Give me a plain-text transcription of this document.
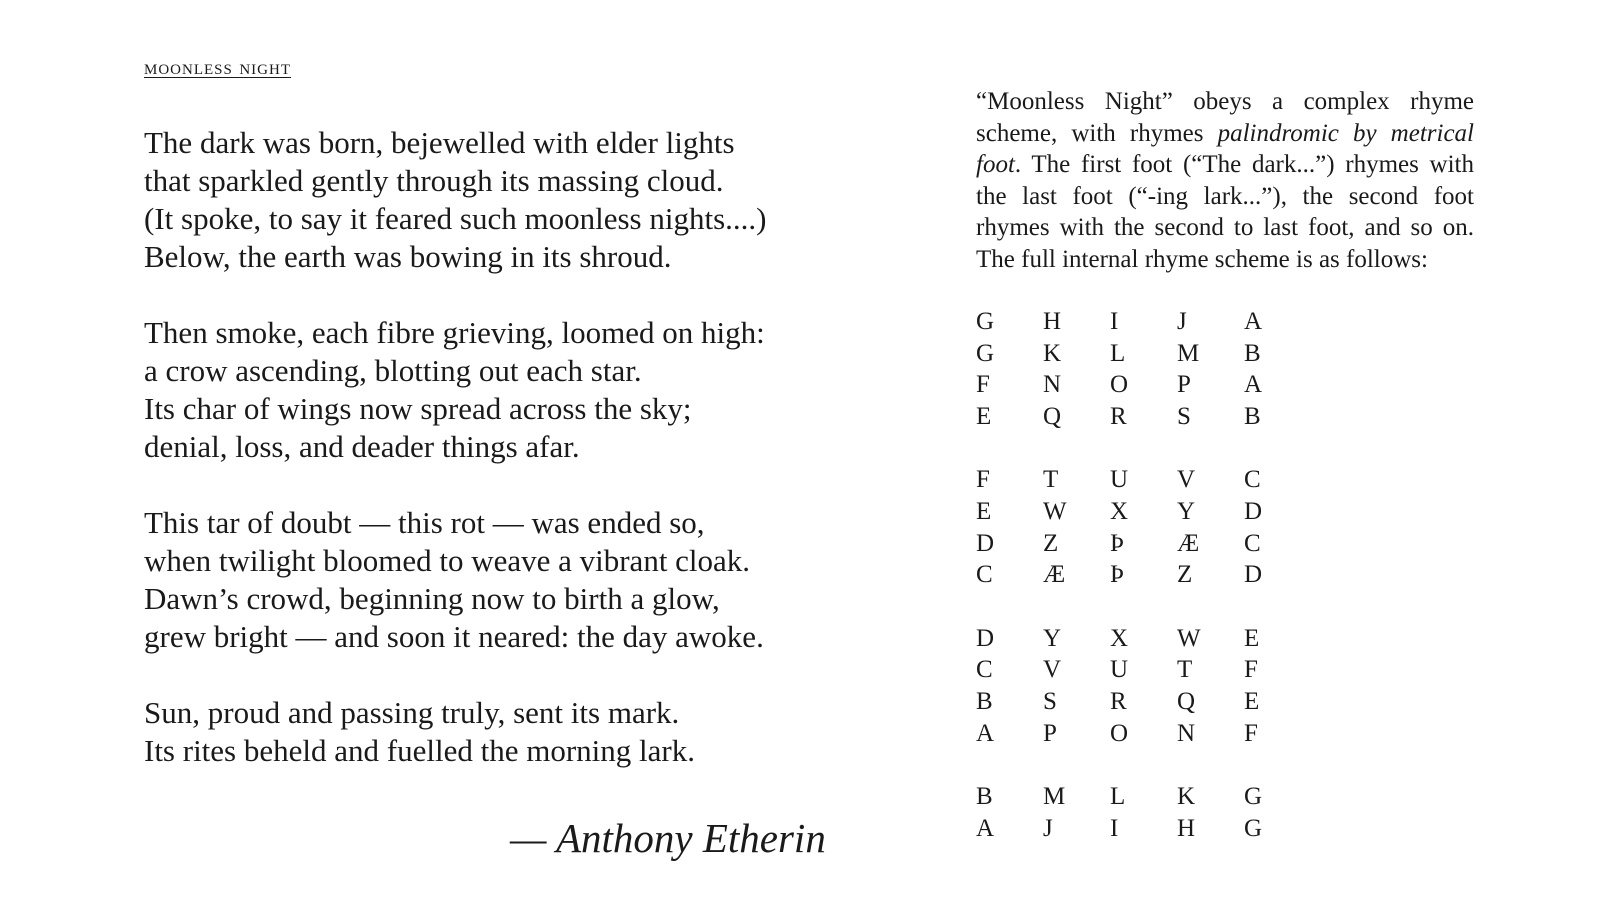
moonless night
The dark was born, bejewelled with elder lights
that sparkled gently through its massing cloud.
(It spoke, to say it feared such moonless nights....)
Below, the earth was bowing in its shroud.
Then smoke, each fibre grieving, loomed on high:
a crow ascending, blotting out each star.
Its char of wings now spread across the sky;
denial, loss, and deader things afar.
This tar of doubt — this rot — was ended so,
when twilight bloomed to weave a vibrant cloak.
Dawn’s crowd, beginning now to birth a glow,
grew bright — and soon it neared: the day awoke.
Sun, proud and passing truly, sent its mark.
Its rites beheld and fuelled the morning lark.
— Anthony Etherin

“Moonless Night” obeys a complex rhyme scheme, with rhymes palindromic by metrical foot. The first foot (“The dark...”) rhymes with the last foot (“-ing lark...”), the second foot rhymes with the second to last foot, and so on. The full internal rhyme scheme is as follows:

G	H	I	J	A
G	K	L	M	B
F	N	O	P	A
E	Q	R	S	B
F	T	U	V	C
E	W	X	Y	D
D	Z	Þ	Æ	C
C	Æ	Þ	Z	D
D	Y	X	W	E
C	V	U	T	F
B	S	R	Q	E
A	P	O	N	F
B	M	L	K	G
A	J	I	H	G
